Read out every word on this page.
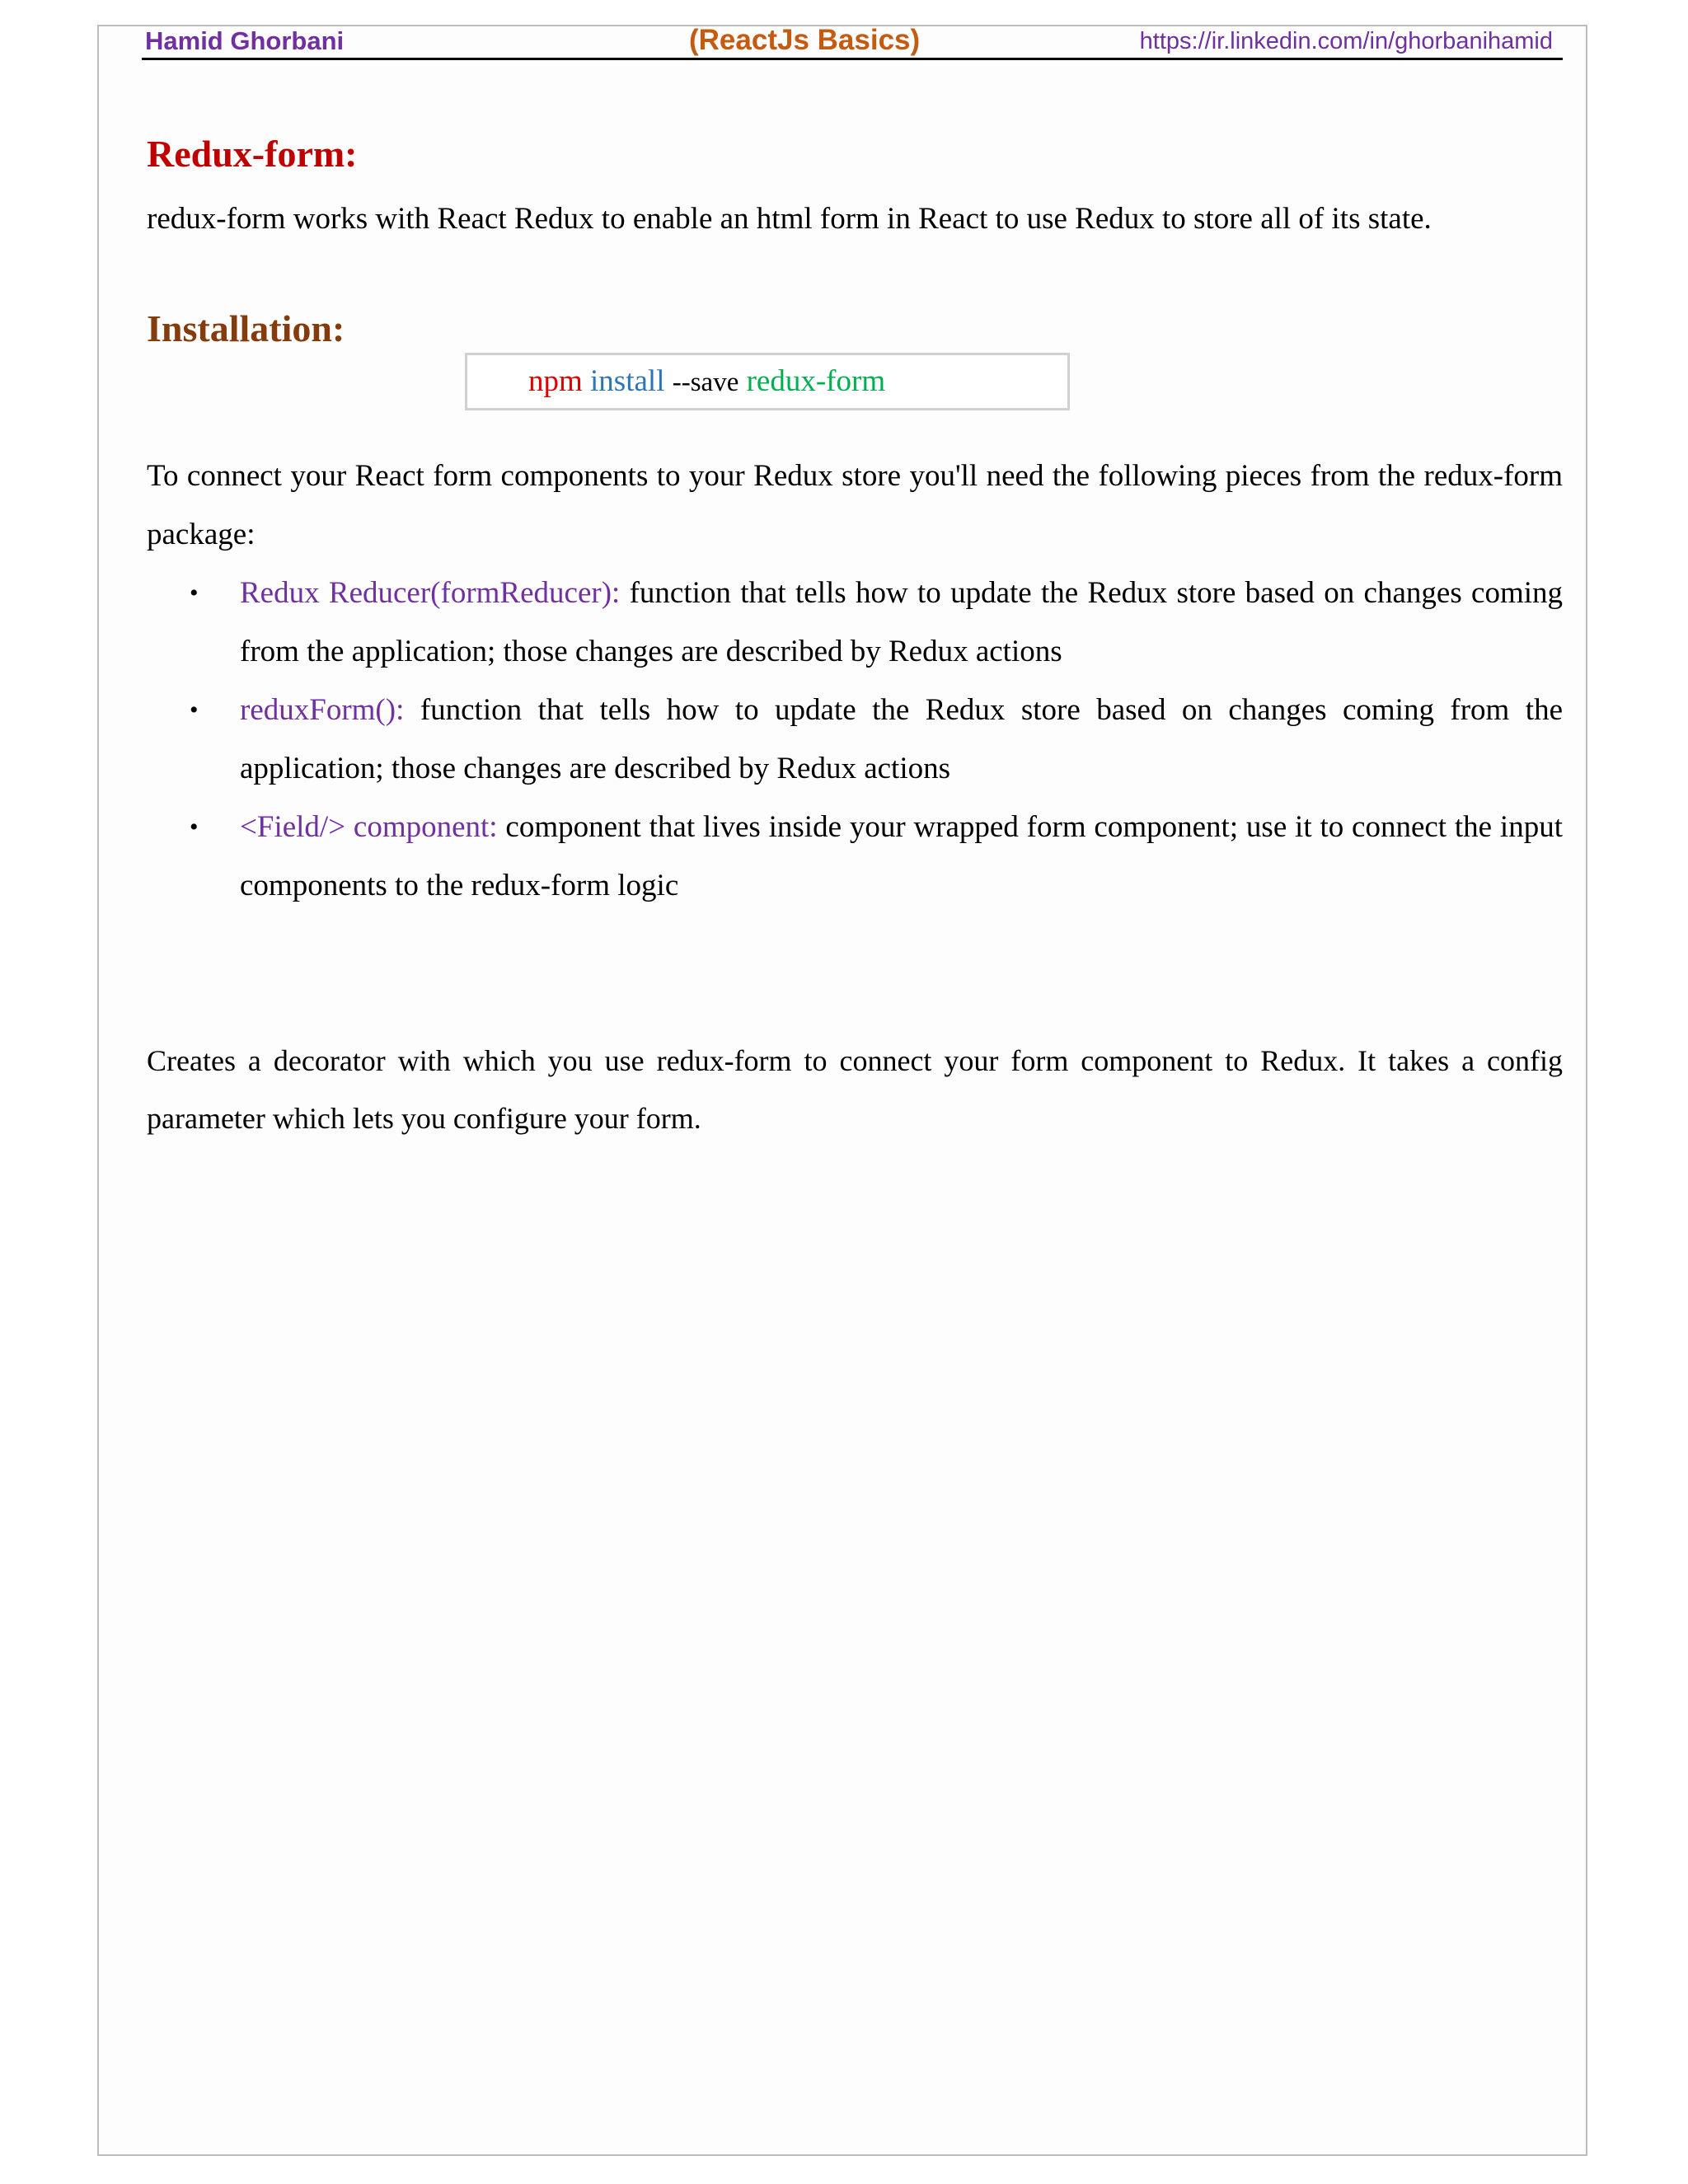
Hamid Ghorbani	(ReactJs Basics)	https://ir.linkedin.com/in/ghorbanihamid
Redux-form:

redux-form works with React Redux to enable an html form in React to use Redux to store all of its state.

Installation:
npm install --save redux-form

To connect your React form components to your Redux store you'll need the following pieces from the redux-form package:

• Redux Reducer(formReducer): function that tells how to update the Redux store based on changes coming from the application; those changes are described by Redux actions
• reduxForm(): function that tells how to update the Redux store based on changes coming from the application; those changes are described by Redux actions
• <Field/> component: component that lives inside your wrapped form component; use it to connect the input components to the redux-form logic

Creates a decorator with which you use redux-form to connect your form component to Redux. It takes a config parameter which lets you configure your form.
